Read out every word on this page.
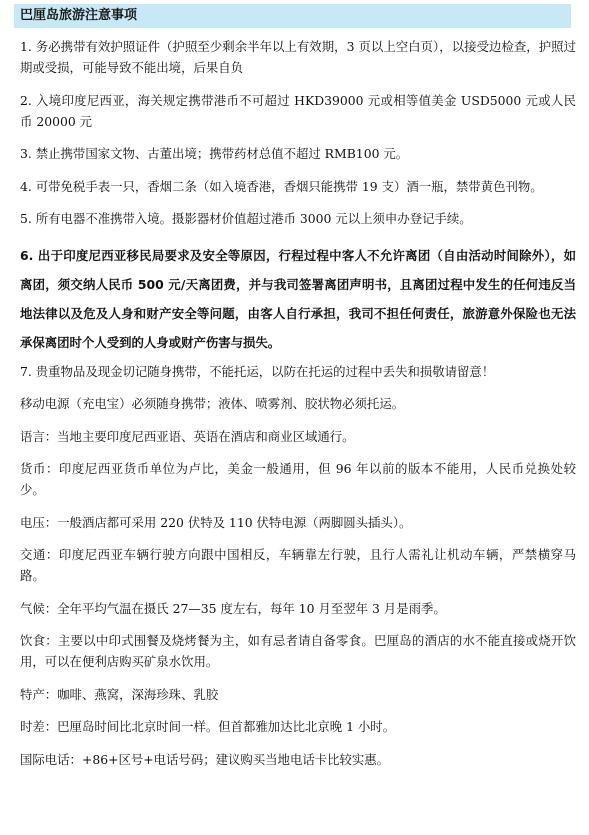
巴厘岛旅游注意事项

1. 务必携带有效护照证件（护照至少剩余半年以上有效期，3 页以上空白页），以接受边检查，护照过期或受损，可能导致不能出境，后果自负

2. 入境印度尼西亚，海关规定携带港币不可超过 HKD39000 元或相等值美金 USD5000 元或人民币 20000 元

3. 禁止携带国家文物、古董出境；携带药材总值不超过 RMB100 元。

4. 可带免税手表一只，香烟二条（如入境香港，香烟只能携带 19 支）酒一瓶，禁带黄色刊物。

5. 所有电器不准携带入境。摄影器材价值超过港币 3000 元以上须申办登记手续。

6. 出于印度尼西亚移民局要求及安全等原因，行程过程中客人不允许离团（自由活动时间除外），如离团，须交纳人民币 500 元/天离团费，并与我司签署离团声明书，且离团过程中发生的任何违反当地法律以及危及人身和财产安全等问题，由客人自行承担，我司不担任何责任，旅游意外保险也无法承保离团时个人受到的人身或财产伤害与损失。

7. 贵重物品及现金切记随身携带，不能托运，以防在托运的过程中丢失和损敬请留意！

移动电源（充电宝）必须随身携带；液体、喷雾剂、胶状物必须托运。

语言：当地主要印度尼西亚语、英语在酒店和商业区域通行。

货币：印度尼西亚货币单位为卢比，美金一般通用，但 96 年以前的版本不能用，人民币兑换处较少。

电压：一般酒店都可采用 220 伏特及 110 伏特电源（两脚圆头插头）。

交通：印度尼西亚车辆行驶方向跟中国相反，车辆靠左行驶，且行人需礼让机动车辆，严禁横穿马路。

气候：全年平均气温在摄氏 27—35 度左右，每年 10 月至翌年 3 月是雨季。

饮食：主要以中印式围餐及烧烤餐为主，如有忌者请自备零食。巴厘岛的酒店的水不能直接或烧开饮用，可以在便利店购买矿泉水饮用。

特产：咖啡、燕窝，深海珍珠、乳胶

时差：巴厘岛时间比北京时间一样。但首都雅加达比北京晚 1 小时。

国际电话：+86+区号+电话号码；建议购买当地电话卡比较实惠。
